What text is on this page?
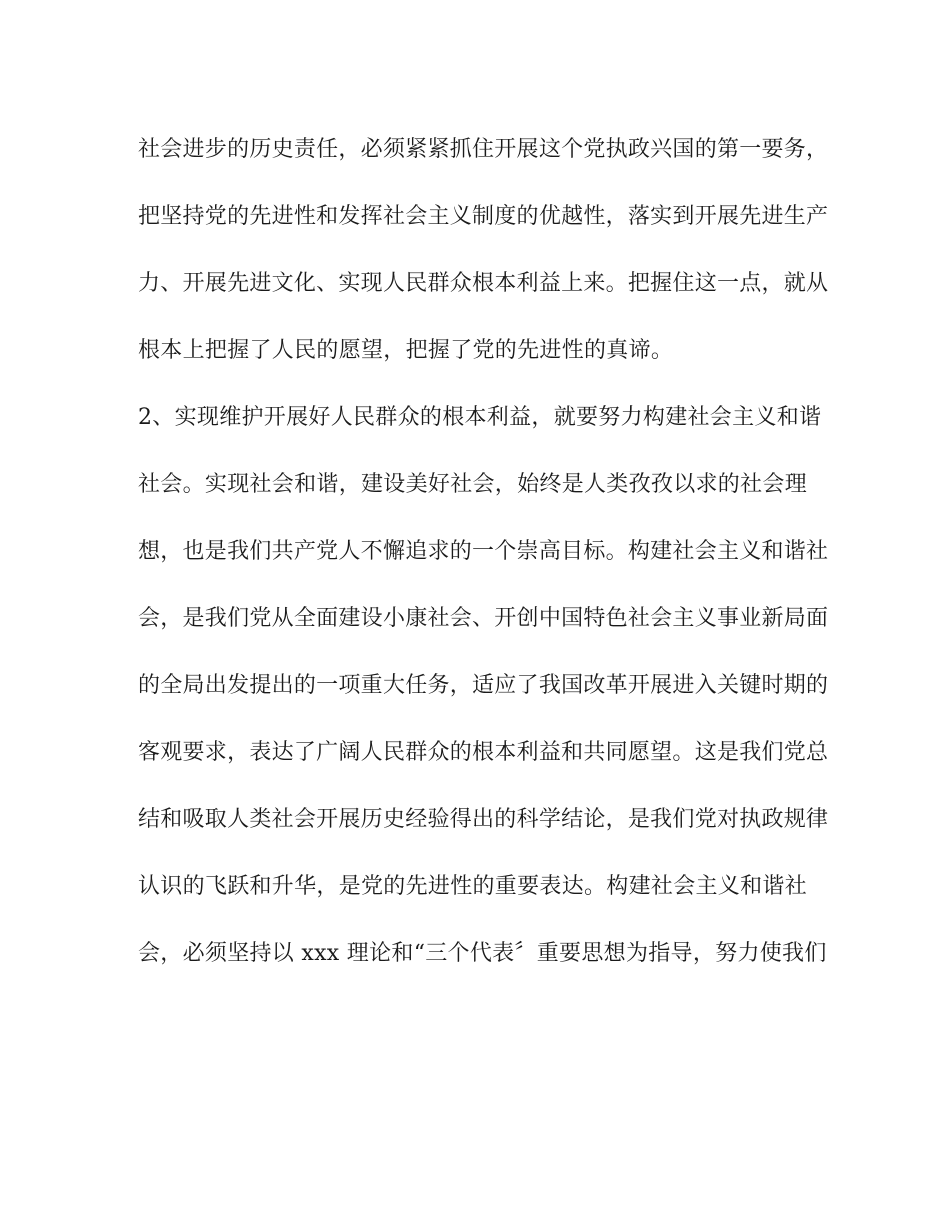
社会进步的历史责任，必须紧紧抓住开展这个党执政兴国的第一要务，
把坚持党的先进性和发挥社会主义制度的优越性，落实到开展先进生产
力、开展先进文化、实现人民群众根本利益上来。把握住这一点，就从
根本上把握了人民的愿望，把握了党的先进性的真谛。
2、实现维护开展好人民群众的根本利益，就要努力构建社会主义和谐
社会。实现社会和谐，建设美好社会，始终是人类孜孜以求的社会理
想，也是我们共产党人不懈追求的一个崇高目标。构建社会主义和谐社
会，是我们党从全面建设小康社会、开创中国特色社会主义事业新局面
的全局出发提出的一项重大任务，适应了我国改革开展进入关键时期的
客观要求，表达了广阔人民群众的根本利益和共同愿望。这是我们党总
结和吸取人类社会开展历史经验得出的科学结论，是我们党对执政规律
认识的飞跃和升华，是党的先进性的重要表达。构建社会主义和谐社
会，必须坚持以 xxx 理论和“三个代表〞重要思想为指导，努力使我们
